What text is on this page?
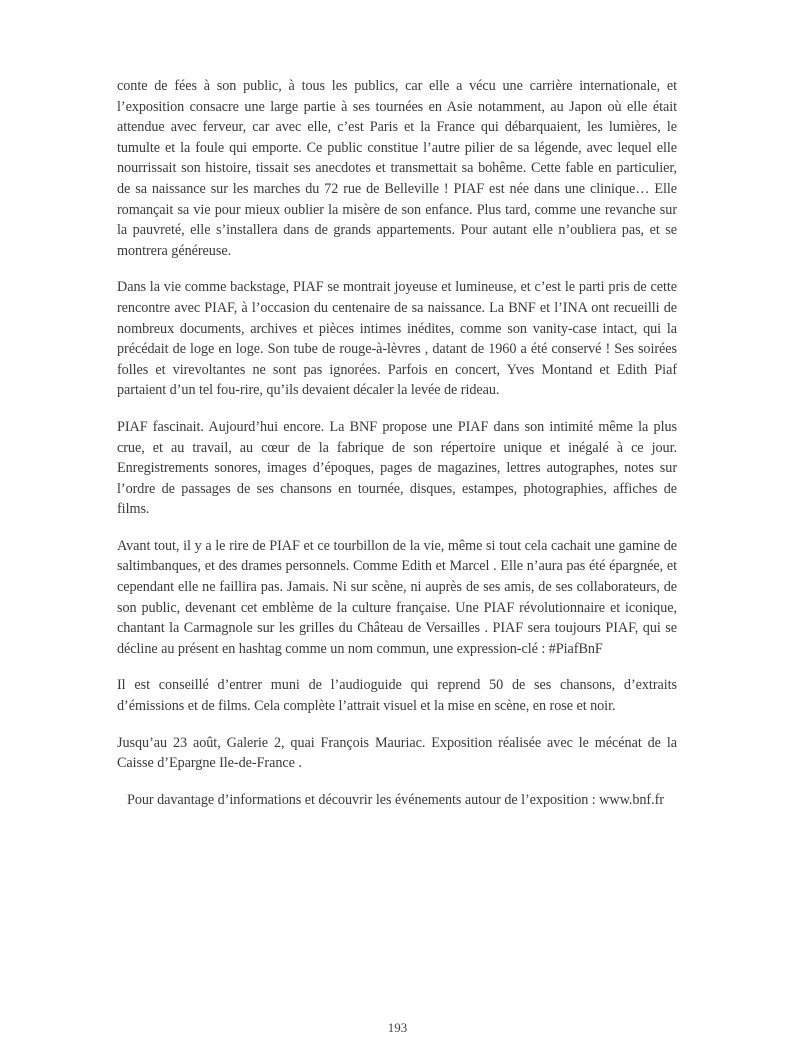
conte de fées à son public, à tous les publics, car elle a vécu une carrière internationale, et l’exposition consacre une large partie à ses tournées en Asie notamment, au Japon où elle était attendue avec ferveur, car avec elle, c’est Paris et la France qui débarquaient, les lumières, le tumulte et la foule qui emporte. Ce public constitue l’autre pilier de sa légende, avec lequel elle nourrissait son histoire, tissait ses anecdotes et transmettait sa bohême. Cette fable en particulier, de sa naissance sur les marches du 72 rue de Belleville ! PIAF est née dans une clinique… Elle romançait sa vie pour mieux oublier la misère de son enfance. Plus tard, comme une revanche sur la pauvreté, elle s’installera dans de grands appartements. Pour autant elle n’oubliera pas, et se montrera généreuse.

Dans la vie comme backstage, PIAF se montrait joyeuse et lumineuse, et c’est le parti pris de cette rencontre avec PIAF, à l’occasion du centenaire de sa naissance. La BNF et l’INA ont recueilli de nombreux documents, archives et pièces intimes inédites, comme son vanity-case intact, qui la précédait de loge en loge. Son tube de rouge-à-lèvres , datant de 1960 a été conservé ! Ses soirées folles et virevoltantes ne sont pas ignorées. Parfois en concert, Yves Montand et Edith Piaf partaient d’un tel fou-rire, qu’ils devaient décaler la levée de rideau.

PIAF fascinait. Aujourd’hui encore. La BNF propose une PIAF dans son intimité même la plus crue, et au travail, au cœur de la fabrique de son répertoire unique et inégalé à ce jour. Enregistrements sonores, images d’époques, pages de magazines, lettres autographes, notes sur l’ordre de passages de ses chansons en tournée, disques, estampes, photographies, affiches de films.

Avant tout, il y a le rire de PIAF et ce tourbillon de la vie, même si tout cela cachait une gamine de saltimbanques, et des drames personnels. Comme Edith et Marcel . Elle n’aura pas été épargnée, et cependant elle ne faillira pas. Jamais. Ni sur scène, ni auprès de ses amis, de ses collaborateurs, de son public, devenant cet emblème de la culture française. Une PIAF révolutionnaire et iconique, chantant la Carmagnole sur les grilles du Château de Versailles . PIAF sera toujours PIAF, qui se décline au présent en hashtag comme un nom commun, une expression-clé : #PiafBnF

Il est conseillé d’entrer muni de l’audioguide qui reprend 50 de ses chansons, d’extraits d’émissions et de films. Cela complète l’attrait visuel et la mise en scène, en rose et noir.

Jusqu’au 23 août, Galerie 2, quai François Mauriac. Exposition réalisée avec le mécénat de la Caisse d’Epargne Ile-de-France .

Pour davantage d’informations et découvrir les événements autour de l’exposition : www.bnf.fr

193
